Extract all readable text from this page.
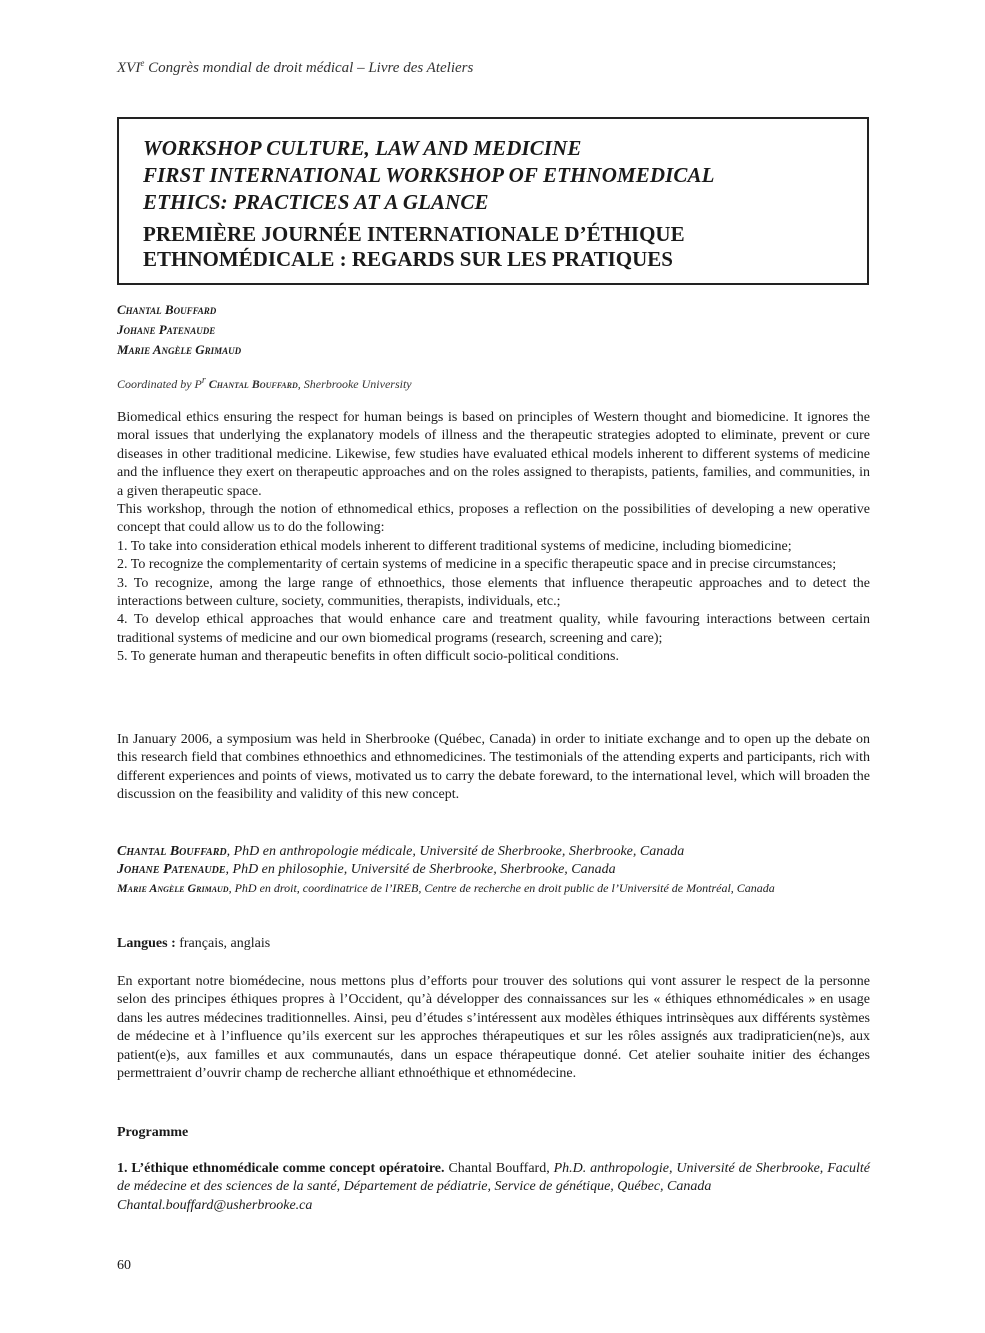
XVIe Congrès mondial de droit médical – Livre des Ateliers

WORKSHOP CULTURE, LAW AND MEDICINE
FIRST INTERNATIONAL WORKSHOP OF ETHNOMEDICAL
ETHICS: PRACTICES AT A GLANCE

PREMIÈRE JOURNÉE INTERNATIONALE D’ÉTHIQUE
ETHNOMÉDICALE : REGARDS SUR LES PRATIQUES

Chantal Bouffard
Johane Patenaude
Marie Angèle Grimaud
Coordinated by $P^r$ Chantal Bouffard, Sherbrooke University

Biomedical ethics ensuring the respect for human beings is based on principles of Western thought and biomedicine. It ignores the moral issues that underlying the explanatory models of illness and the therapeutic strategies adopted to eliminate, prevent or cure diseases in other traditional medicine. Likewise, few studies have evaluated ethical models inherent to different systems of medicine and the influence they exert on therapeutic approaches and on the roles assigned to therapists, patients, families, and communities, in a given therapeutic space.

This workshop, through the notion of ethnomedical ethics, proposes a reflection on the possibilities of developing a new operative concept that could allow us to do the following:

1. To take into consideration ethical models inherent to different traditional systems of medicine, including biomedicine;

2. To recognize the complementarity of certain systems of medicine in a specific therapeutic space and in precise circumstances;

3. To recognize, among the large range of ethnoethics, those elements that influence therapeutic approaches and to detect the interactions between culture, society, communities, therapists, individuals, etc.;

4. To develop ethical approaches that would enhance care and treatment quality, while favouring interactions between certain traditional systems of medicine and our own biomedical programs (research, screening and care);

5. To generate human and therapeutic benefits in often difficult socio-political conditions.

In January 2006, a symposium was held in Sherbrooke (Québec, Canada) in order to initiate exchange and to open up the debate on this research field that combines ethnoethics and ethnomedicines. The testimonials of the attending experts and participants, rich with different experiences and points of views, motivated us to carry the debate foreward, to the international level, which will broaden the discussion on the feasibility and validity of this new concept.

Chantal Bouffard, PhD en anthropologie médicale, Université de Sherbrooke, Sherbrooke, Canada
Johane Patenaude, PhD en philosophie, Université de Sherbrooke, Sherbrooke, Canada
Marie Angèle Grimaud, PhD en droit, coordinatrice de l’IREB, Centre de recherche en droit public de l’Université de Montréal, Canada
Langues : français, anglais

En exportant notre biomédecine, nous mettons plus d’efforts pour trouver des solutions qui vont assurer le respect de la personne selon des principes éthiques propres à l’Occident, qu’à développer des connaissances sur les « éthiques ethnomédicales » en usage dans les autres médecines traditionnelles. Ainsi, peu d’études s’intéressent aux modèles éthiques intrinsèques aux différents systèmes de médecine et à l’influence qu’ils exercent sur les approches thérapeutiques et sur les rôles assignés aux tradipraticien(ne)s, aux patient(e)s, aux familles et aux communautés, dans un espace thérapeutique donné. Cet atelier souhaite initier des échanges permettraient d’ouvrir champ de recherche alliant ethnoéthique et ethnomédecine.

Programme
1. L’éthique ethnomédicale comme concept opératoire. Chantal Bouffard, Ph.D. anthropologie, Université de Sherbrooke, Faculté de médecine et des sciences de la santé, Département de pédiatrie, Service de génétique, Québec, Canada
Chantal.bouffard@usherbrooke.ca
60
